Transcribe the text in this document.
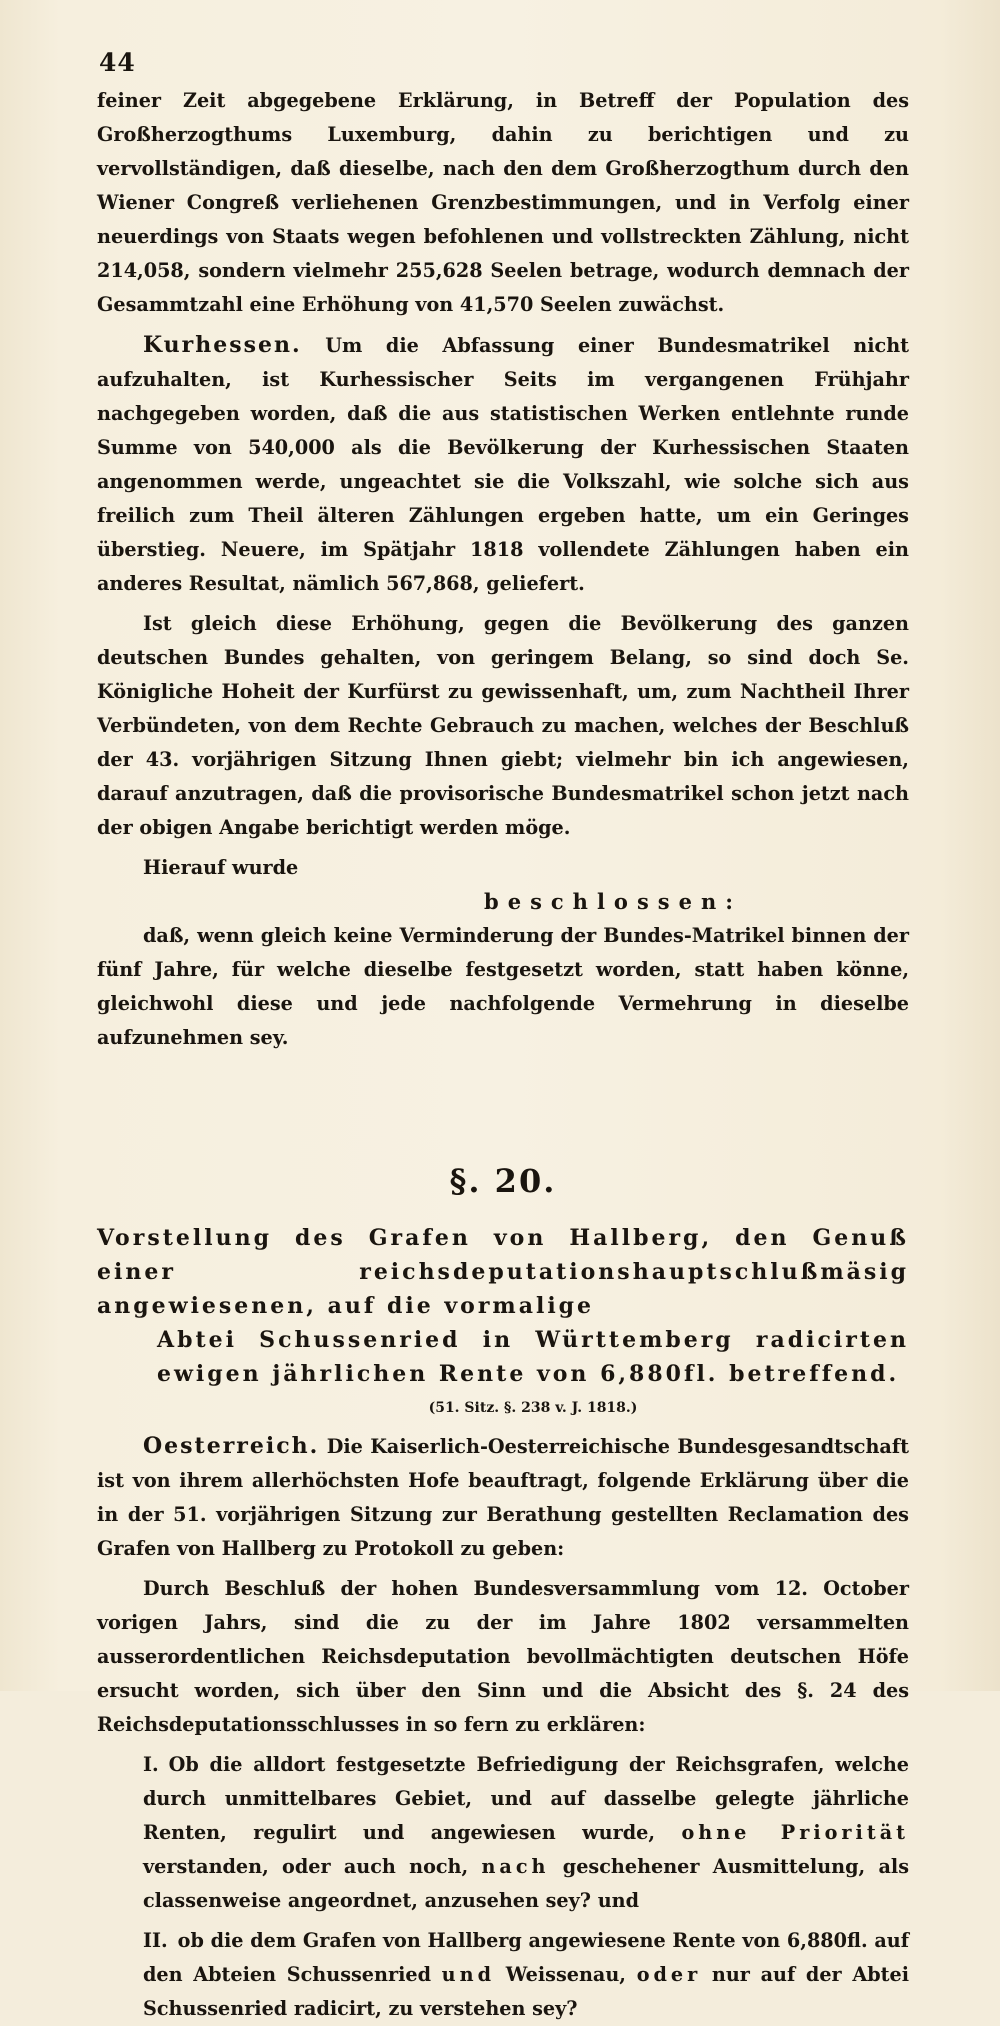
44

feiner Zeit abgegebene Erklärung, in Betreff der Population des Großherzogthums Luxemburg, dahin zu berichtigen und zu vervollständigen, daß dieselbe, nach den dem Großherzogthum durch den Wiener Congreß verliehenen Grenzbestimmungen, und in Verfolg einer neuerdings von Staats wegen befohlenen und vollstreckten Zählung, nicht 214,058, sondern vielmehr 255,628 Seelen betrage, wodurch demnach der Gesammtzahl eine Erhöhung von 41,570 Seelen zuwächst.

Kurhessen. Um die Abfassung einer Bundesmatrikel nicht aufzuhalten, ist Kurhessischer Seits im vergangenen Frühjahr nachgegeben worden, daß die aus statistischen Werken entlehnte runde Summe von 540,000 als die Bevölkerung der Kurhessischen Staaten angenommen werde, ungeachtet sie die Volkszahl, wie solche sich aus freilich zum Theil älteren Zählungen ergeben hatte, um ein Geringes überstieg. Neuere, im Spätjahr 1818 vollendete Zählungen haben ein anderes Resultat, nämlich 567,868, geliefert.

Ist gleich diese Erhöhung, gegen die Bevölkerung des ganzen deutschen Bundes gehalten, von geringem Belang, so sind doch Se. Königliche Hoheit der Kurfürst zu gewissenhaft, um, zum Nachtheil Ihrer Verbündeten, von dem Rechte Gebrauch zu machen, welches der Beschluß der 43. vorjährigen Sitzung Ihnen giebt; vielmehr bin ich angewiesen, darauf anzutragen, daß die provisorische Bundesmatrikel schon jetzt nach der obigen Angabe berichtigt werden möge.

Hierauf wurde

beschlossen:

daß, wenn gleich keine Verminderung der Bundes-Matrikel binnen der fünf Jahre, für welche dieselbe festgesetzt worden, statt haben könne, gleichwohl diese und jede nachfolgende Vermehrung in dieselbe aufzunehmen sey.

§. 20.
Vorstellung des Grafen von Hallberg, den Genuß einer reichsdeputationshauptschlußmäsig angewiesenen, auf die vormalige
Abtei Schussenried in Württemberg radicirten ewigen jährlichen Rente von 6,880fl. betreffend.
(51. Sitz. §. 238 v. J. 1818.)

Oesterreich. Die Kaiserlich-Oesterreichische Bundesgesandtschaft ist von ihrem allerhöchsten Hofe beauftragt, folgende Erklärung über die in der 51. vorjährigen Sitzung zur Berathung gestellten Reclamation des Grafen von Hallberg zu Protokoll zu geben:

Durch Beschluß der hohen Bundesversammlung vom 12. October vorigen Jahrs, sind die zu der im Jahre 1802 versammelten ausserordentlichen Reichsdeputation bevollmächtigten deutschen Höfe ersucht worden, sich über den Sinn und die Absicht des §. 24 des Reichsdeputationsschlusses in so fern zu erklären:

I. Ob die alldort festgesetzte Befriedigung der Reichsgrafen, welche durch unmittelbares Gebiet, und auf dasselbe gelegte jährliche Renten, regulirt und angewiesen wurde, ohne Priorität verstanden, oder auch noch, nach geschehener Ausmittelung, als classenweise angeordnet, anzusehen sey? und

II. ob die dem Grafen von Hallberg angewiesene Rente von 6,880fl. auf den Abteien Schussenried und Weissenau, oder nur auf der Abtei Schussenried radicirt, zu verstehen sey?
